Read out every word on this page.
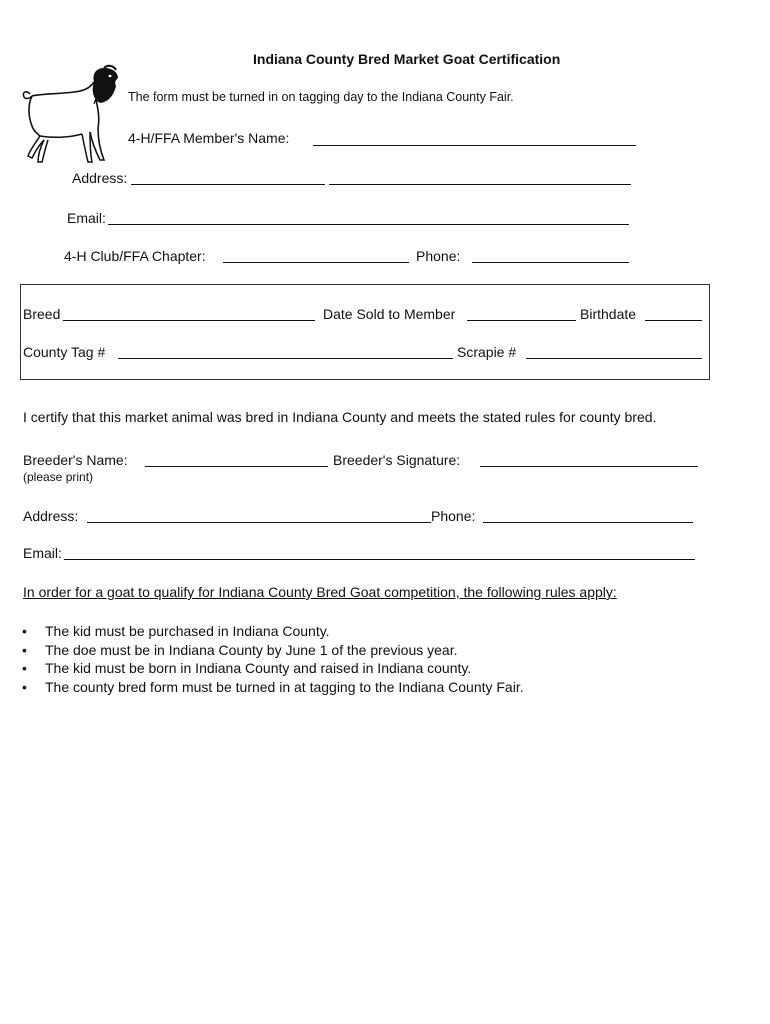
Indiana County Bred Market Goat Certification
The form must be turned in on tagging day to the Indiana County Fair.
4-H/FFA Member's Name:
Address:
Email:
4-H Club/FFA Chapter:	Phone:
Breed	Date Sold to Member	Birthdate
County Tag #	Scrapie #
I certify that this market animal was bred in Indiana County and meets the stated rules for county bred.
Breeder's Name:
(please print)
Breeder's Signature:
Address:	Phone:
Email:
In order for a goat to qualify for Indiana County Bred Goat competition, the following rules apply:
• The kid must be purchased in Indiana County.
• The doe must be in Indiana County by June 1 of the previous year.
• The kid must be born in Indiana County and raised in Indiana county.
• The county bred form must be turned in at tagging to the Indiana County Fair.
